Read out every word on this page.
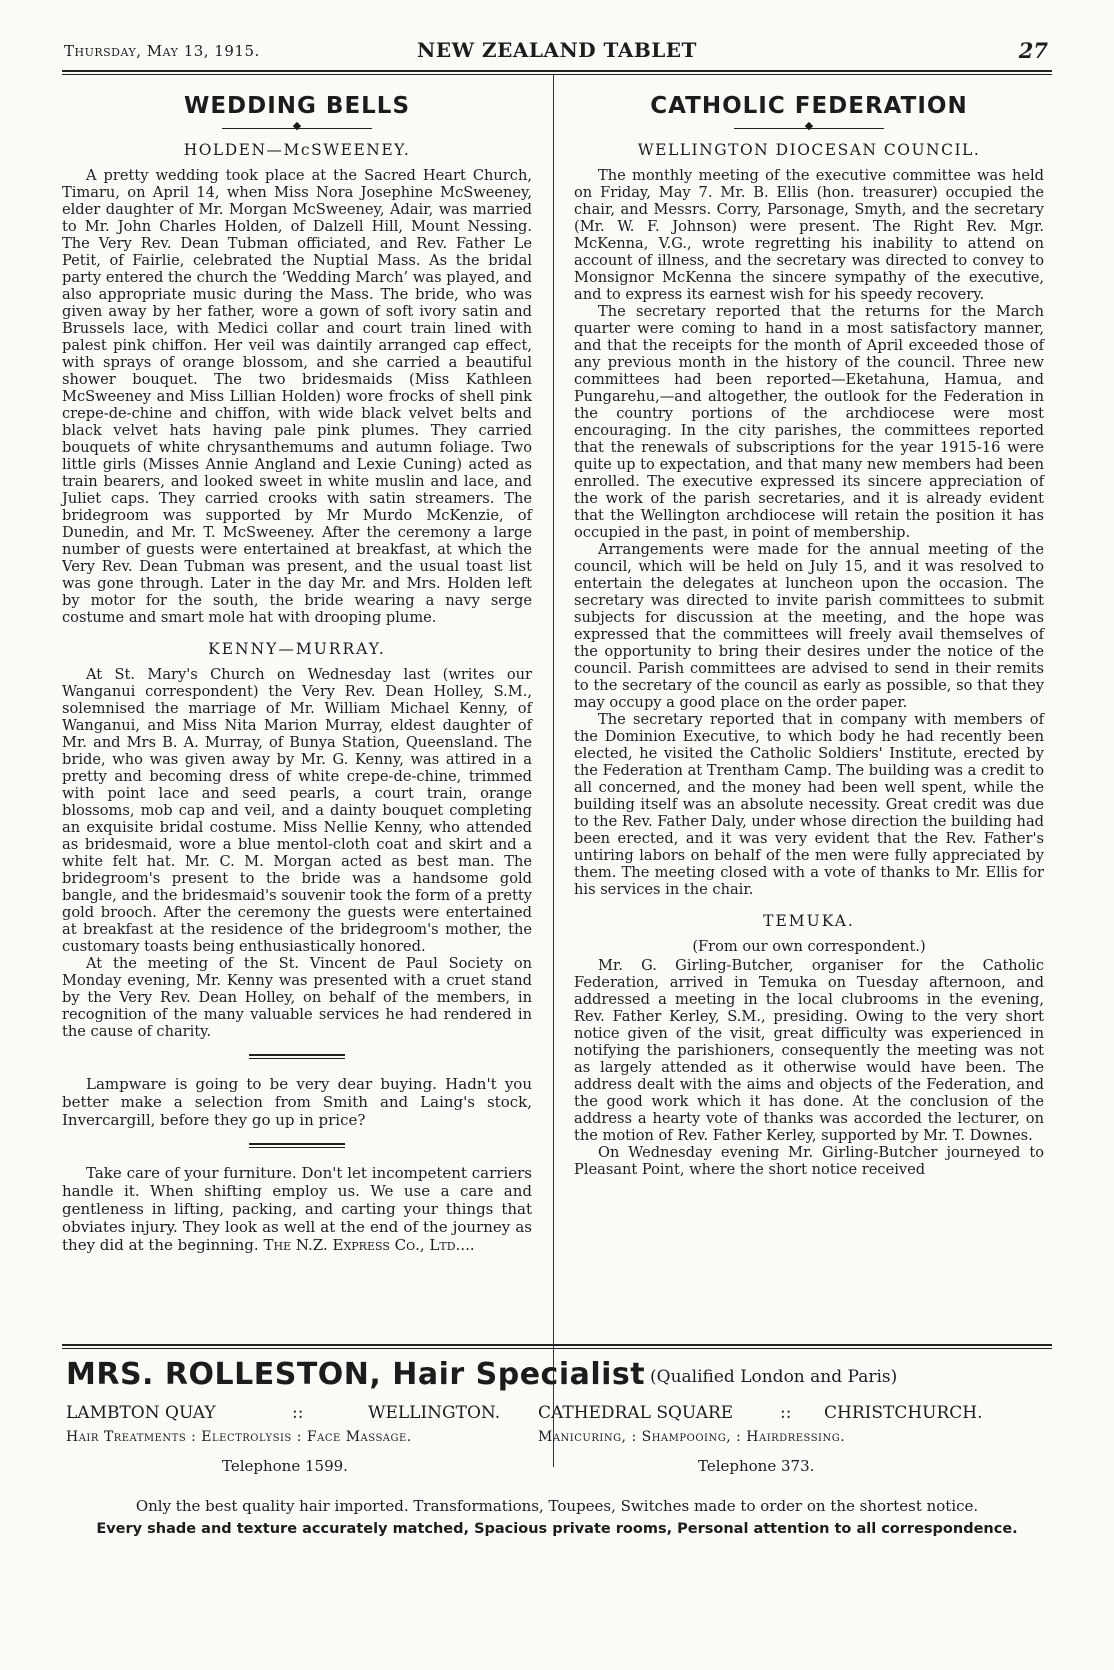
Thursday, May 13, 1915.	NEW ZEALAND TABLET	27
WEDDING BELLS
◆
HOLDEN—McSWEENEY.

A pretty wedding took place at the Sacred Heart Church, Timaru, on April 14, when Miss Nora Josephine McSweeney, elder daughter of Mr. Morgan McSweeney, Adair, was married to Mr. John Charles Holden, of Dalzell Hill, Mount Nessing. The Very Rev. Dean Tubman officiated, and Rev. Father Le Petit, of Fairlie, celebrated the Nuptial Mass. As the bridal party entered the church the ‘Wedding March’ was played, and also appropriate music during the Mass. The bride, who was given away by her father, wore a gown of soft ivory satin and Brussels lace, with Medici collar and court train lined with palest pink chiffon. Her veil was daintily arranged cap effect, with sprays of orange blossom, and she carried a beautiful shower bouquet. The two bridesmaids (Miss Kathleen McSweeney and Miss Lillian Holden) wore frocks of shell pink crepe-de-chine and chiffon, with wide black velvet belts and black velvet hats having pale pink plumes. They carried bouquets of white chrysanthemums and autumn foliage. Two little girls (Misses Annie Angland and Lexie Cuning) acted as train bearers, and looked sweet in white muslin and lace, and Juliet caps. They carried crooks with satin streamers. The bridegroom was supported by Mr Murdo McKenzie, of Dunedin, and Mr. T. McSweeney. After the ceremony a large number of guests were entertained at breakfast, at which the Very Rev. Dean Tubman was present, and the usual toast list was gone through. Later in the day Mr. and Mrs. Holden left by motor for the south, the bride wearing a navy serge costume and smart mole hat with drooping plume.

KENNY—MURRAY.

At St. Mary's Church on Wednesday last (writes our Wanganui correspondent) the Very Rev. Dean Holley, S.M., solemnised the marriage of Mr. William Michael Kenny, of Wanganui, and Miss Nita Marion Murray, eldest daughter of Mr. and Mrs B. A. Murray, of Bunya Station, Queensland. The bride, who was given away by Mr. G. Kenny, was attired in a pretty and becoming dress of white crepe-de-chine, trimmed with point lace and seed pearls, a court train, orange blossoms, mob cap and veil, and a dainty bouquet completing an exquisite bridal costume. Miss Nellie Kenny, who attended as bridesmaid, wore a blue mentol-cloth coat and skirt and a white felt hat. Mr. C. M. Morgan acted as best man. The bridegroom's present to the bride was a handsome gold bangle, and the bridesmaid's souvenir took the form of a pretty gold brooch. After the ceremony the guests were entertained at breakfast at the residence of the bridegroom's mother, the customary toasts being enthusiastically honored.

At the meeting of the St. Vincent de Paul Society on Monday evening, Mr. Kenny was presented with a cruet stand by the Very Rev. Dean Holley, on behalf of the members, in recognition of the many valuable services he had rendered in the cause of charity.

Lampware is going to be very dear buying. Hadn't you better make a selection from Smith and Laing's stock, Invercargill, before they go up in price?

Take care of your furniture. Don't let incompetent carriers handle it. When shifting employ us. We use a care and gentleness in lifting, packing, and carting your things that obviates injury. They look as well at the end of the journey as they did at the beginning. The N.Z. Express Co., Ltd....

CATHOLIC FEDERATION
◆
WELLINGTON DIOCESAN COUNCIL.

The monthly meeting of the executive committee was held on Friday, May 7. Mr. B. Ellis (hon. treasurer) occupied the chair, and Messrs. Corry, Parsonage, Smyth, and the secretary (Mr. W. F. Johnson) were present. The Right Rev. Mgr. McKenna, V.G., wrote regretting his inability to attend on account of illness, and the secretary was directed to convey to Monsignor McKenna the sincere sympathy of the executive, and to express its earnest wish for his speedy recovery.

The secretary reported that the returns for the March quarter were coming to hand in a most satisfactory manner, and that the receipts for the month of April exceeded those of any previous month in the history of the council. Three new committees had been reported—Eketahuna, Hamua, and Pungarehu,—and altogether, the outlook for the Federation in the country portions of the archdiocese were most encouraging. In the city parishes, the committees reported that the renewals of subscriptions for the year 1915-16 were quite up to expectation, and that many new members had been enrolled. The executive expressed its sincere appreciation of the work of the parish secretaries, and it is already evident that the Wellington archdiocese will retain the position it has occupied in the past, in point of membership.

Arrangements were made for the annual meeting of the council, which will be held on July 15, and it was resolved to entertain the delegates at luncheon upon the occasion. The secretary was directed to invite parish committees to submit subjects for discussion at the meeting, and the hope was expressed that the committees will freely avail themselves of the opportunity to bring their desires under the notice of the council. Parish committees are advised to send in their remits to the secretary of the council as early as possible, so that they may occupy a good place on the order paper.

The secretary reported that in company with members of the Dominion Executive, to which body he had recently been elected, he visited the Catholic Soldiers' Institute, erected by the Federation at Trentham Camp. The building was a credit to all concerned, and the money had been well spent, while the building itself was an absolute necessity. Great credit was due to the Rev. Father Daly, under whose direction the building had been erected, and it was very evident that the Rev. Father's untiring labors on behalf of the men were fully appreciated by them. The meeting closed with a vote of thanks to Mr. Ellis for his services in the chair.

TEMUKA.

(From our own correspondent.)

Mr. G. Girling-Butcher, organiser for the Catholic Federation, arrived in Temuka on Tuesday afternoon, and addressed a meeting in the local clubrooms in the evening, Rev. Father Kerley, S.M., presiding. Owing to the very short notice given of the visit, great difficulty was experienced in notifying the parishioners, consequently the meeting was not as largely attended as it otherwise would have been. The address dealt with the aims and objects of the Federation, and the good work which it has done. At the conclusion of the address a hearty vote of thanks was accorded the lecturer, on the motion of Rev. Father Kerley, supported by Mr. T. Downes.

On Wednesday evening Mr. Girling-Butcher journeyed to Pleasant Point, where the short notice received

MRS. ROLLESTON, Hair Specialist (Qualified London and Paris)
LAMBTON QUAY	::	WELLINGTON.
Hair Treatments : Electrolysis : Face Massage.
Telephone 1599.
CATHEDRAL SQUARE	:: CHRISTCHURCH.
Manicuring, : Shampooing, : Hairdressing.
Telephone 373.
Only the best quality hair imported. Transformations, Toupees, Switches made to order on the shortest notice.
Every shade and texture accurately matched, Spacious private rooms, Personal attention to all correspondence.
